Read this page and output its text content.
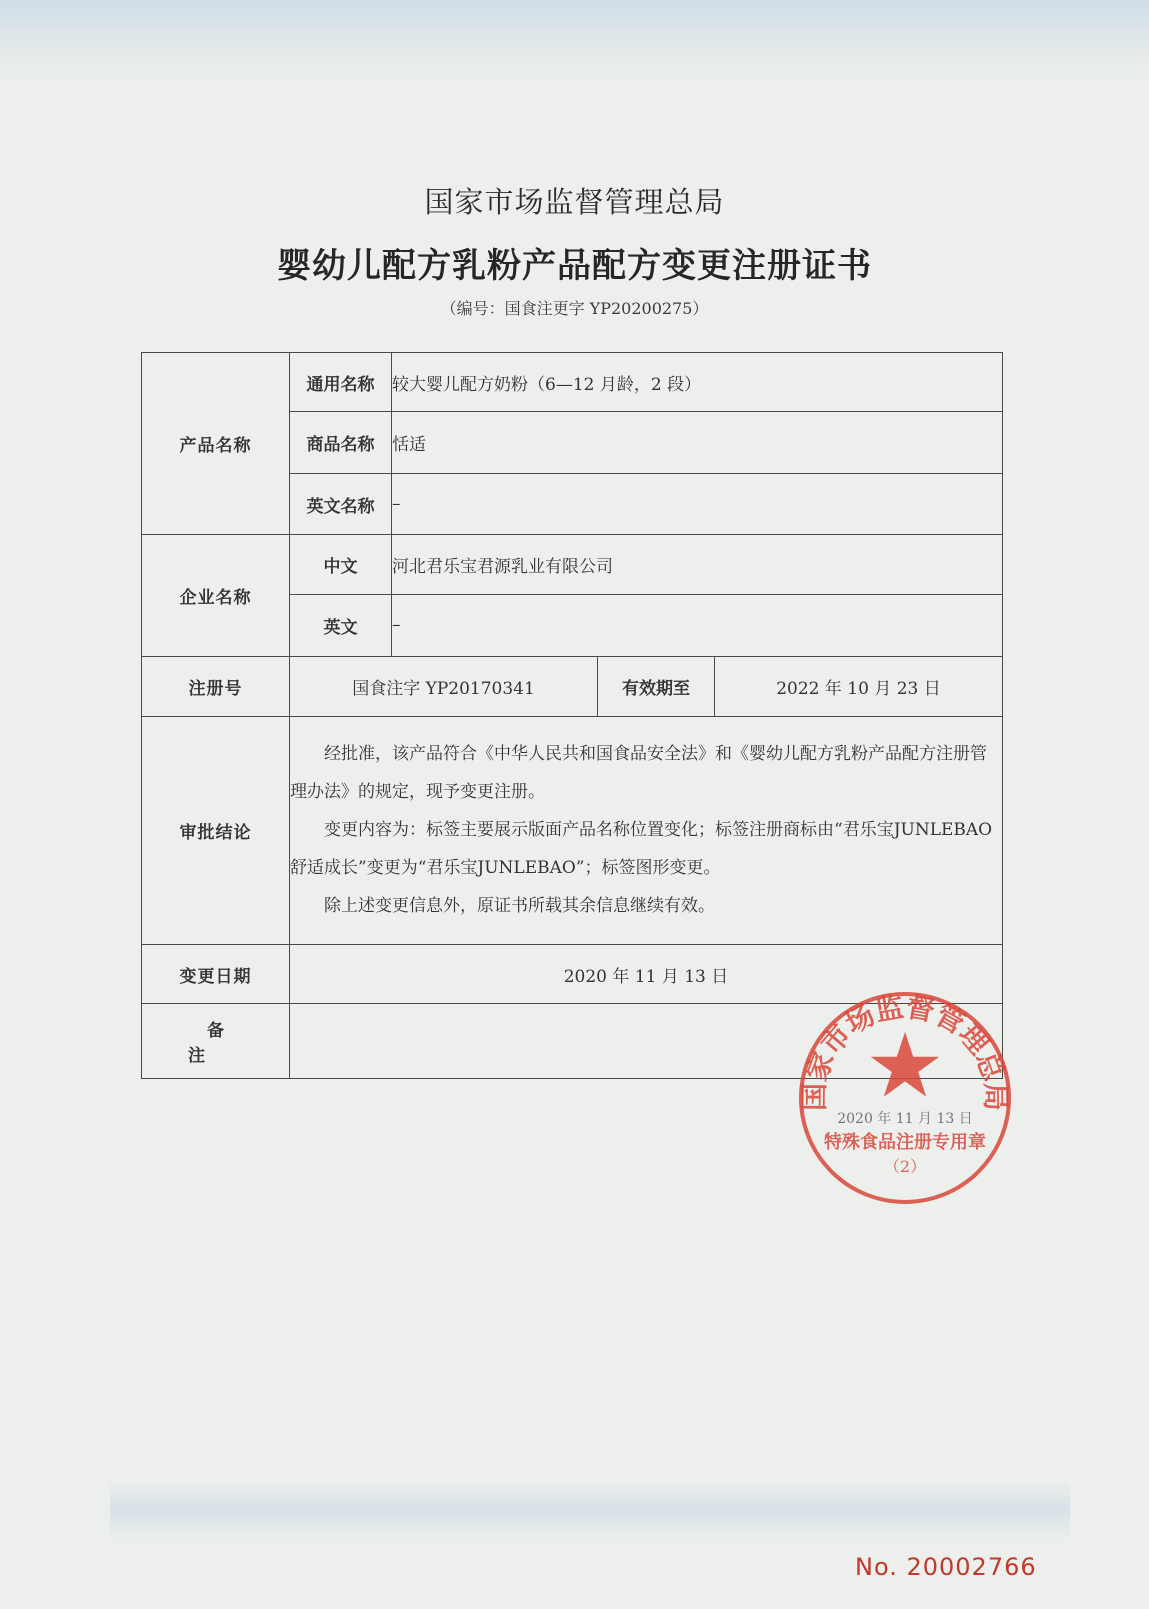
国家市场监督管理总局
婴幼儿配方乳粉产品配方变更注册证书
（编号：国食注更字 YP20200275）
产品名称	通用名称	较大婴儿配方奶粉（6—12 月龄，2 段）		
	商品名称	恬适		
	英文名称	–		
企业名称	中文	河北君乐宝君源乳业有限公司		
	英文	–		
注册号	国食注字 YP20170341		有效期至	2022 年 10 月 23 日
审批结论	经批准，该产品符合《中华人民共和国食品安全法》和《婴幼儿配方乳粉产品配方注册管理办法》的规定，现予变更注册。

变更内容为：标签主要展示版面产品名称位置变化；标签注册商标由“君乐宝JUNLEBAO舒适成长”变更为“君乐宝JUNLEBAO”；标签图形变更。

除上述变更信息外，原证书所载其余信息继续有效。			

变更日期	2020 年 11 月 13 日			
备注				
国家市场监督管理总局
2020 年 11 月 13 日
特殊食品注册专用章
（2）
No. 20002766
